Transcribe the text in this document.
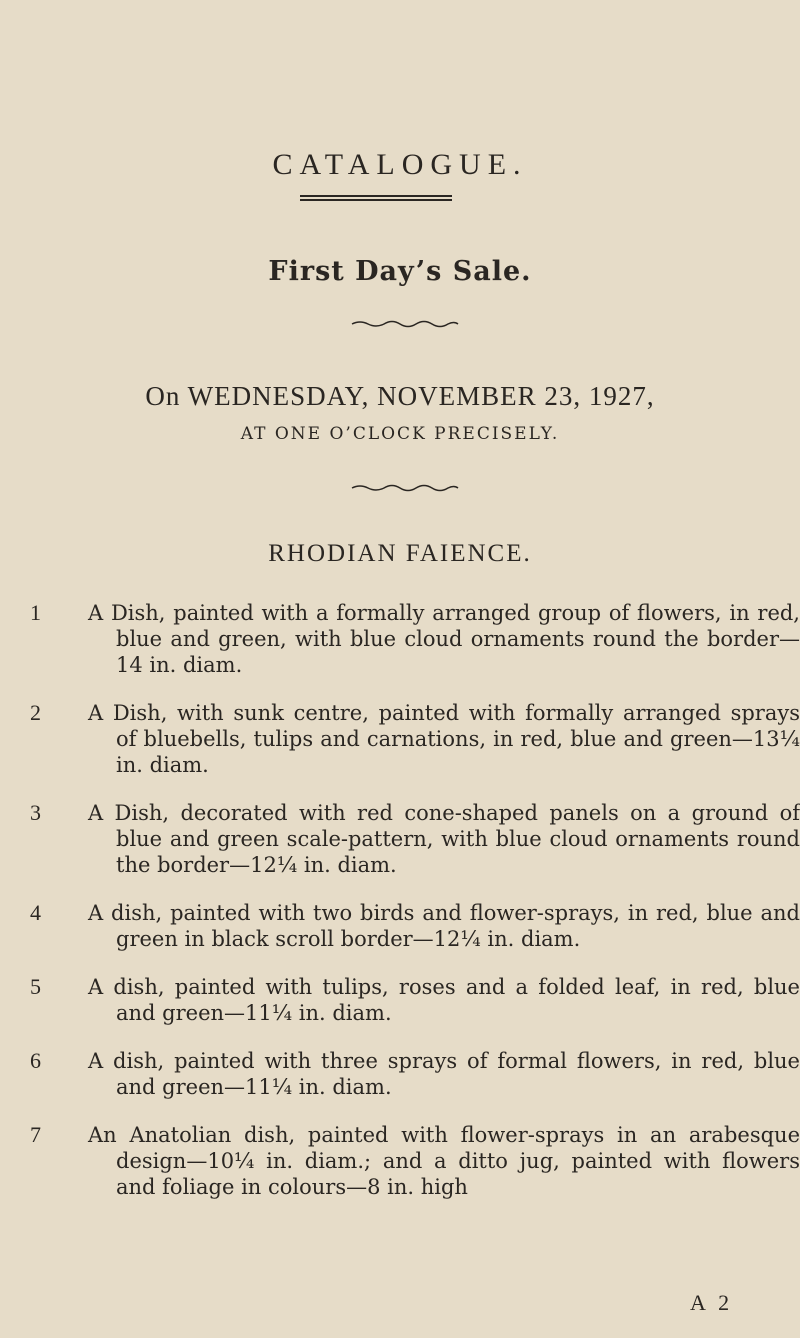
CATALOGUE.
First Day’s Sale.
On WEDNESDAY, NOVEMBER 23, 1927,
AT ONE O’CLOCK PRECISELY.
RHODIAN FAIENCE.
1 A Dish, painted with a formally arranged group of flowers, in red, blue and green, with blue cloud ornaments round the border—14 in. diam.
2 A Dish, with sunk centre, painted with formally arranged sprays of bluebells, tulips and carnations, in red, blue and green—13¼ in. diam.
3 A Dish, decorated with red cone-shaped panels on a ground of blue and green scale-pattern, with blue cloud ornaments round the border—12¼ in. diam.
4 A dish, painted with two birds and flower-sprays, in red, blue and green in black scroll border—12¼ in. diam.
5 A dish, painted with tulips, roses and a folded leaf, in red, blue and green—11¼ in. diam.
6 A dish, painted with three sprays of formal flowers, in red, blue and green—11¼ in. diam.
7 An Anatolian dish, painted with flower-sprays in an arabesque design—10¼ in. diam.; and a ditto jug, painted with flowers and foliage in colours—8 in. high
A 2
